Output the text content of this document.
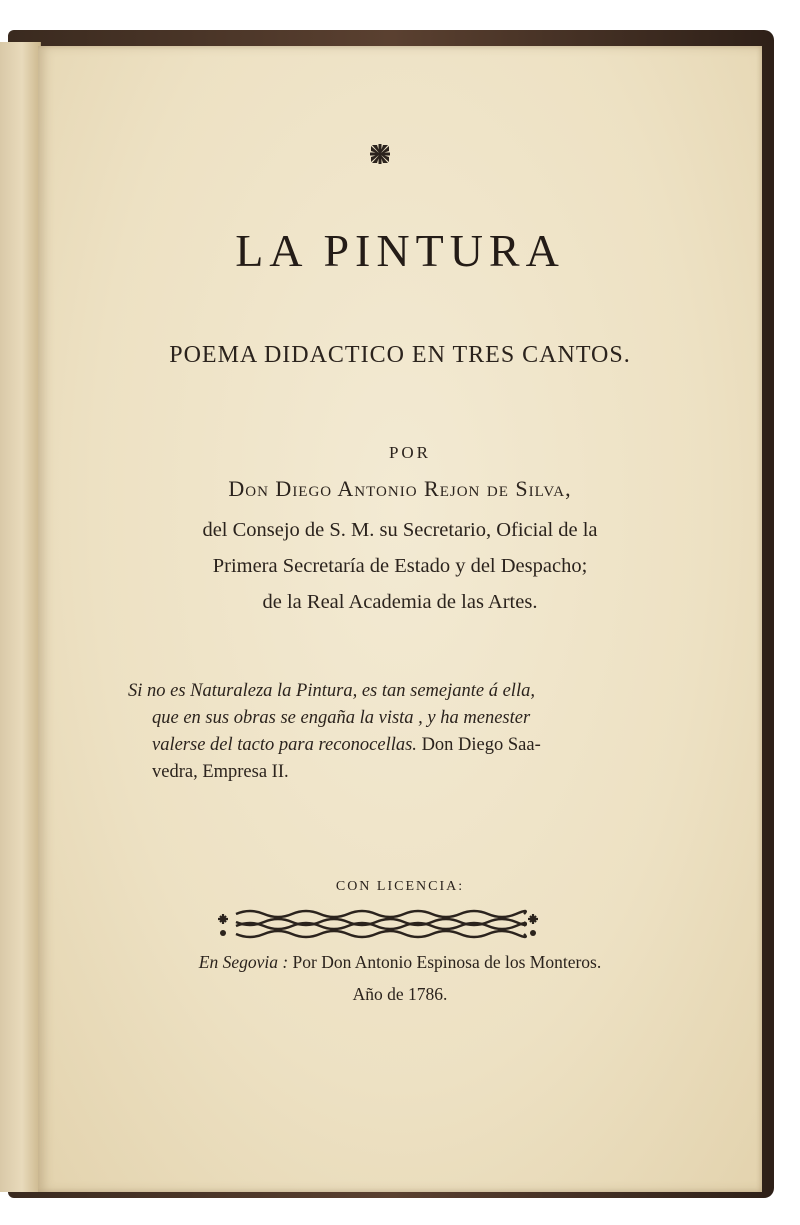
LA PINTURA
POEMA DIDACTICO EN TRES CANTOS.
POR
Don Diego Antonio Rejon de Silva,
del Consejo de S. M. su Secretario, Oficial de la
Primera Secretaría de Estado y del Despacho;
de la Real Academia de las Artes.
Si no es Naturaleza la Pintura, es tan semejante á ella,
que en sus obras se engaña la vista , y ha menester
valerse del tacto para reconocellas. Don Diego Saa-
vedra, Empresa II.
CON LICENCIA:
En Segovia : Por Don Antonio Espinosa de los Monteros.
Año de 1786.
